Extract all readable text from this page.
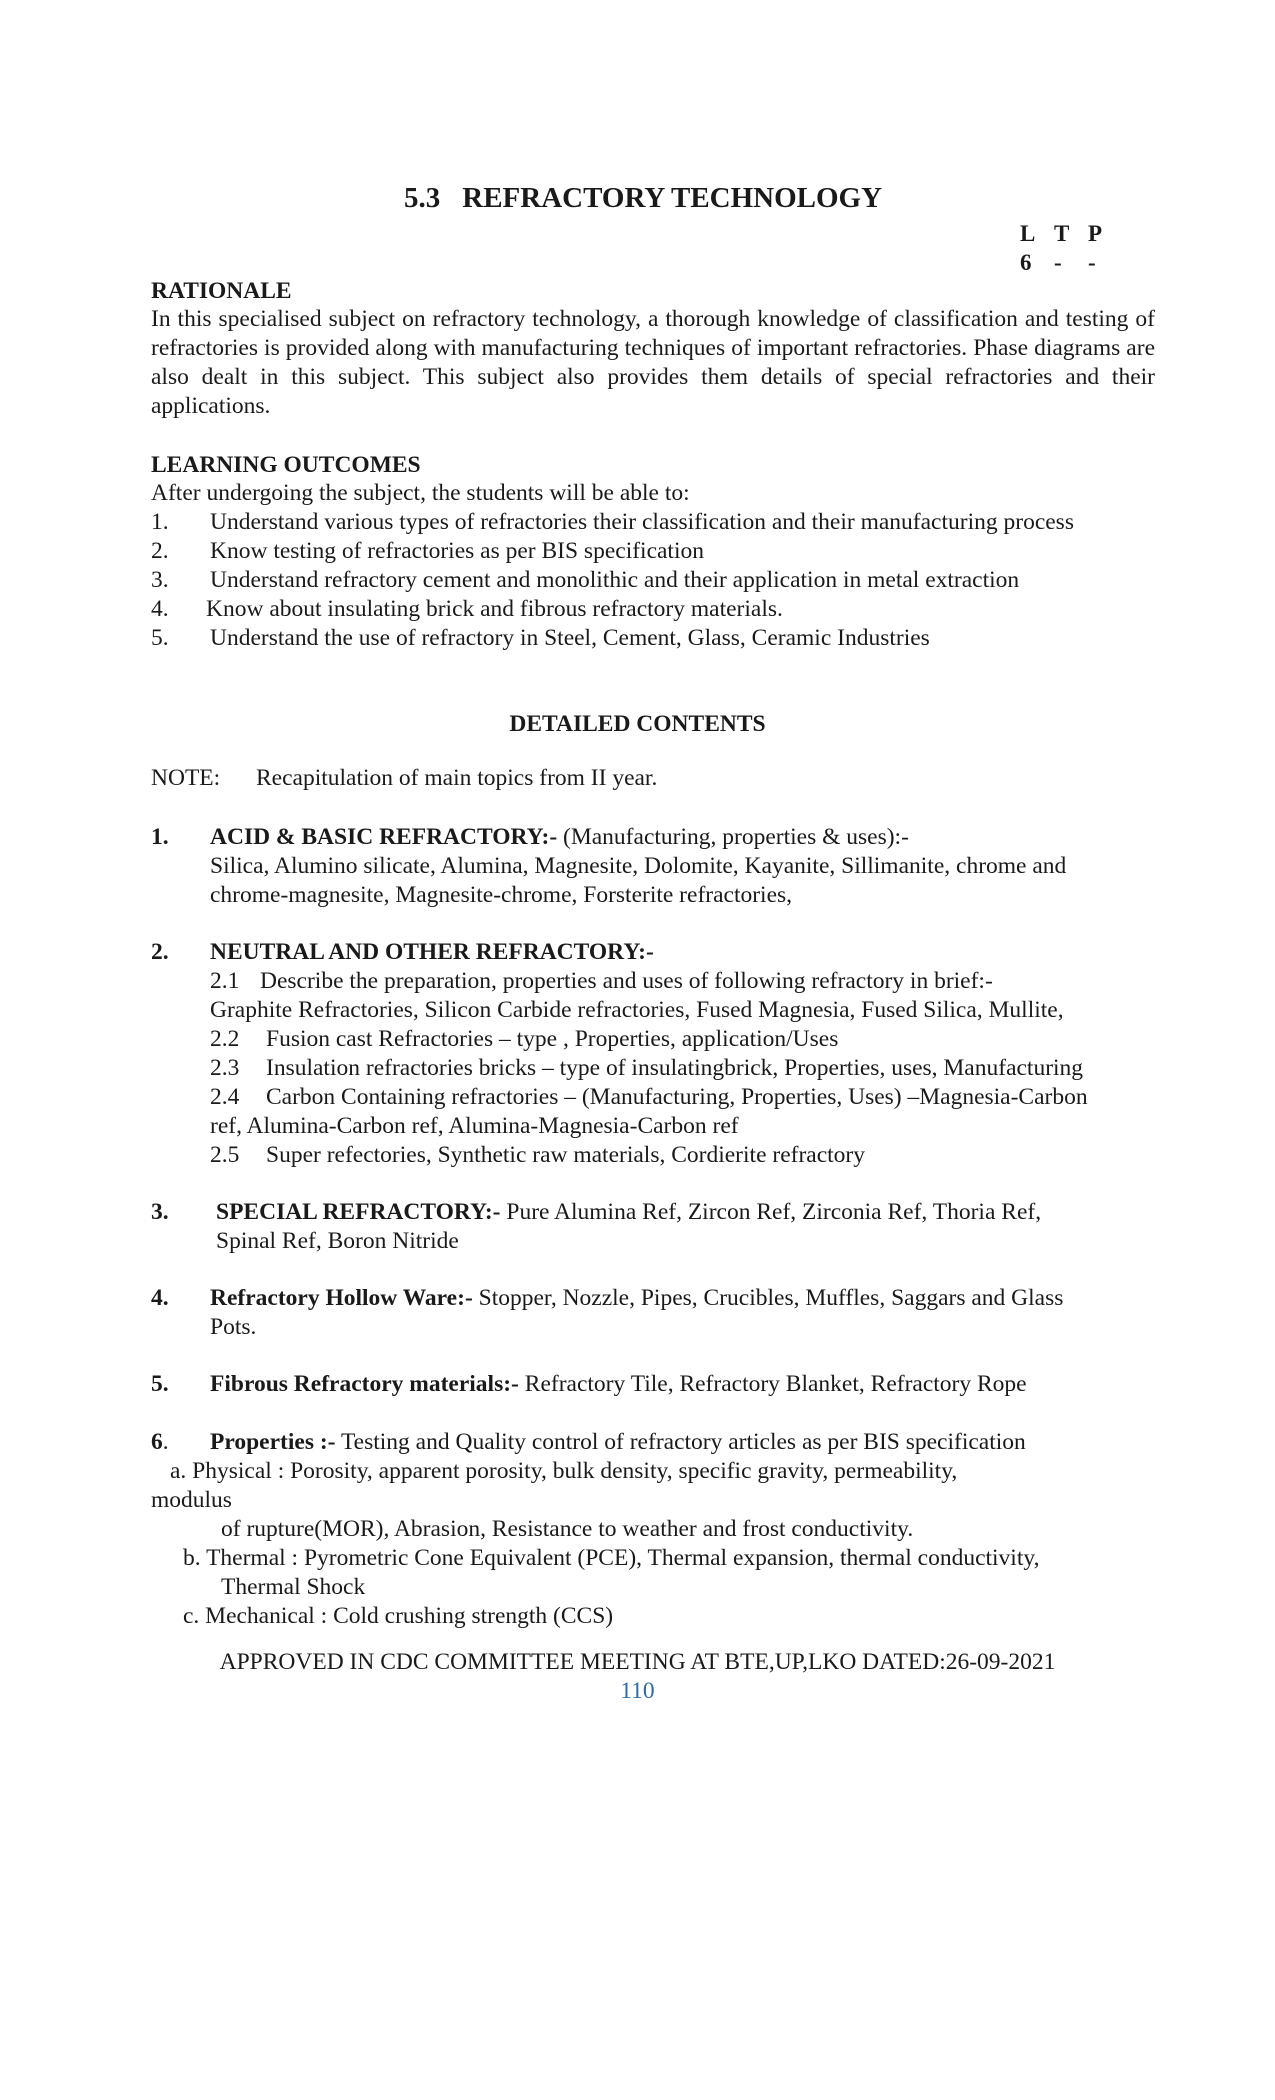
5.3 REFRACTORY TECHNOLOGY
L T P
6 - -
RATIONALE
In this specialised subject on refractory technology, a thorough knowledge of classification and testing of refractories is provided along with manufacturing techniques of important refractories. Phase diagrams are also dealt in this subject. This subject also provides them details of special refractories and their applications.
LEARNING OUTCOMES
After undergoing the subject, the students will be able to:
1. Understand various types of refractories their classification and their manufacturing process
2. Know testing of refractories as per BIS specification
3. Understand refractory cement and monolithic and their application in metal extraction
4. Know about insulating brick and fibrous refractory materials.
5. Understand the use of refractory in Steel, Cement, Glass, Ceramic Industries
DETAILED CONTENTS
NOTE: Recapitulation of main topics from II year.
1. ACID & BASIC REFRACTORY:- (Manufacturing, properties & uses):-
Silica, Alumino silicate, Alumina, Magnesite, Dolomite, Kayanite, Sillimanite, chrome and
chrome-magnesite, Magnesite-chrome, Forsterite refractories,
2. NEUTRAL AND OTHER REFRACTORY:-
2.1 Describe the preparation, properties and uses of following refractory in brief:-
Graphite Refractories, Silicon Carbide refractories, Fused Magnesia, Fused Silica, Mullite,
2.2 Fusion cast Refractories – type , Properties, application/Uses
2.3 Insulation refractories bricks – type of insulatingbrick, Properties, uses, Manufacturing
2.4 Carbon Containing refractories – (Manufacturing, Properties, Uses) –Magnesia-Carbon
ref, Alumina-Carbon ref, Alumina-Magnesia-Carbon ref
2.5 Super refectories, Synthetic raw materials, Cordierite refractory
3. SPECIAL REFRACTORY:- Pure Alumina Ref, Zircon Ref, Zirconia Ref, Thoria Ref,
Spinal Ref, Boron Nitride
4. Refractory Hollow Ware:- Stopper, Nozzle, Pipes, Crucibles, Muffles, Saggars and Glass
Pots.
5. Fibrous Refractory materials:- Refractory Tile, Refractory Blanket, Refractory Rope
6. Properties :- Testing and Quality control of refractory articles as per BIS specification
a. Physical : Porosity, apparent porosity, bulk density, specific gravity, permeability,
modulus
of rupture(MOR), Abrasion, Resistance to weather and frost conductivity.
b. Thermal : Pyrometric Cone Equivalent (PCE), Thermal expansion, thermal conductivity,
Thermal Shock
c. Mechanical : Cold crushing strength (CCS)
APPROVED IN CDC COMMITTEE MEETING AT BTE,UP,LKO DATED:26-09-2021
110
